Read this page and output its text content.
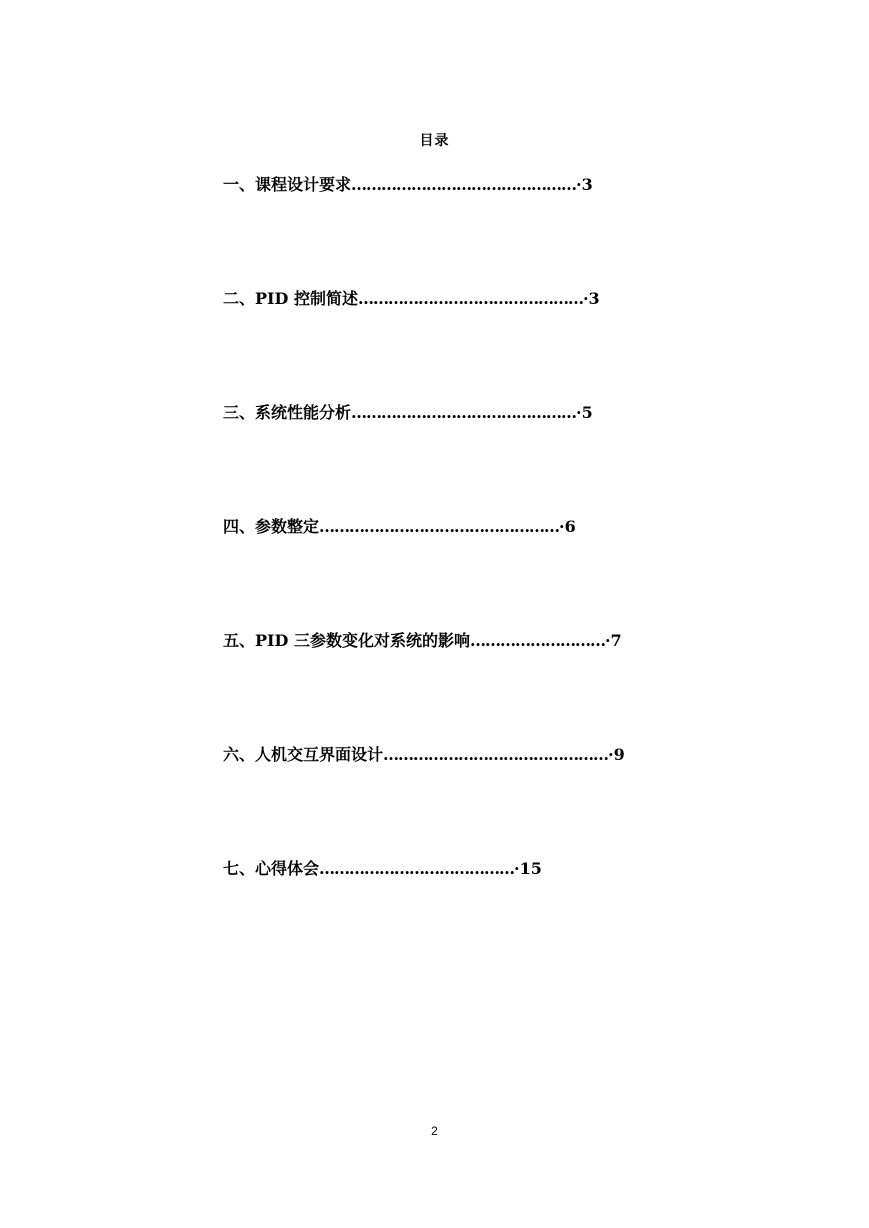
目录
一、课程设计要求………………………………………·3
二、PID 控制简述………………………………………·3
三、系统性能分析………………………………………·5
四、参数整定…………………………………………·6
五、PID 三参数变化对系统的影响………………………·7
六、人机交互界面设计………………………………………·9
七、心得体会…………………………………·15
2
